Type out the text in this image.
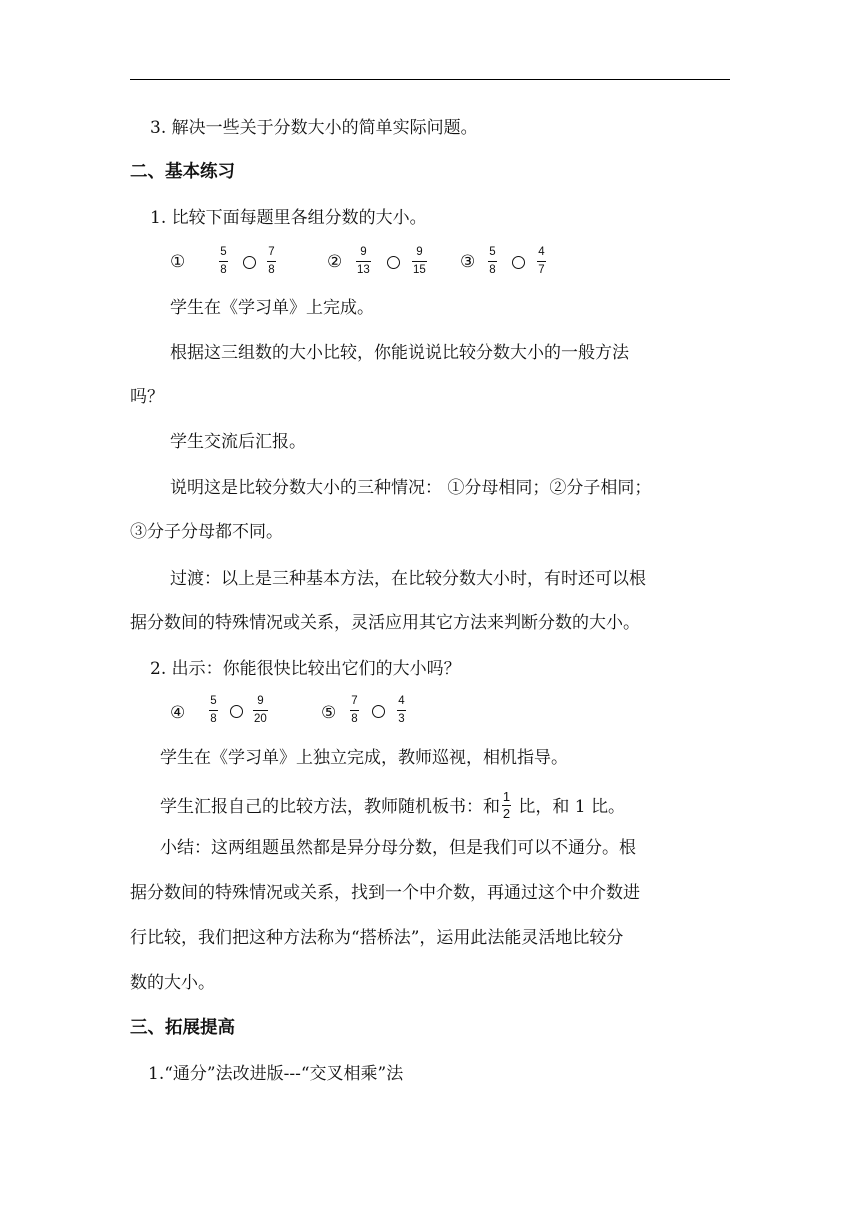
3. 解决一些关于分数大小的简单实际问题。
二、基本练习
1. 比较下面每题里各组分数的大小。
①	5
8
7
8	② 9
13
9
15 ③ 5
8
4
7
学生在《学习单》上完成。
根据这三组数的大小比较，你能说说比较分数大小的一般方法
吗？
学生交流后汇报。
说明这是比较分数大小的三种情况： ①分母相同；②分子相同；
③分子分母都不同。
过渡：以上是三种基本方法，在比较分数大小时，有时还可以根
据分数间的特殊情况或关系，灵活应用其它方法来判断分数的大小。
2. 出示：你能很快比较出它们的大小吗？
④
5
8
9
20	⑤
7
8
4
3
学生在《学习单》上独立完成，教师巡视，相机指导。
学生汇报自己的比较方法，教师随机板书：和 $\frac{1}{2}$ 比，和 1 比。
小结：这两组题虽然都是异分母分数，但是我们可以不通分。根
据分数间的特殊情况或关系，找到一个中介数，再通过这个中介数进
行比较，我们把这种方法称为“搭桥法”，运用此法能灵活地比较分
数的大小。
三、拓展提高
1.“通分”法改进版---“交叉相乘”法
